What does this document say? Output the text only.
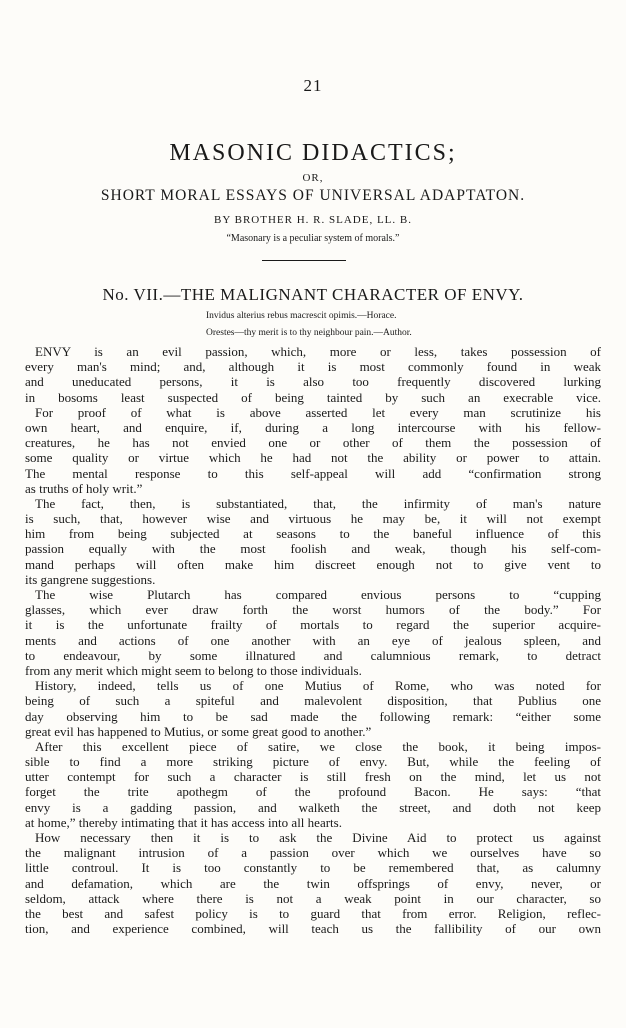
21
MASONIC DIDACTICS;
OR,
SHORT MORAL ESSAYS OF UNIVERSAL ADAPTATON.
BY BROTHER H. R. SLADE, LL. B.
“Masonary is a peculiar system of morals.”
No. VII.—THE MALIGNANT CHARACTER OF ENVY.
Invidus alterius rebus macrescit opimis.—Horace.
Orestes—thy merit is to thy neighbour pain.—Author.
ENVY is an evil passion, which, more or less, takes possession of
every man's mind; and, although it is most commonly found in weak
and uneducated persons, it is also too frequently discovered lurking
in bosoms least suspected of being tainted by such an execrable vice.
For proof of what is above asserted let every man scrutinize his
own heart, and enquire, if, during a long intercourse with his fellow-
creatures, he has not envied one or other of them the possession of
some quality or virtue which he had not the ability or power to attain.
The mental response to this self-appeal will add “confirmation strong
as truths of holy writ.”
The fact, then, is substantiated, that, the infirmity of man's nature
is such, that, however wise and virtuous he may be, it will not exempt
him from being subjected at seasons to the baneful influence of this
passion equally with the most foolish and weak, though his self-com-
mand perhaps will often make him discreet enough not to give vent to
its gangrene suggestions.
The wise Plutarch has compared envious persons to “cupping
glasses, which ever draw forth the worst humors of the body.” For
it is the unfortunate frailty of mortals to regard the superior acquire-
ments and actions of one another with an eye of jealous spleen, and
to endeavour, by some illnatured and calumnious remark, to detract
from any merit which might seem to belong to those individuals.
History, indeed, tells us of one Mutius of Rome, who was noted for
being of such a spiteful and malevolent disposition, that Publius one
day observing him to be sad made the following remark: “either some
great evil has happened to Mutius, or some great good to another.”
After this excellent piece of satire, we close the book, it being impos-
sible to find a more striking picture of envy. But, while the feeling of
utter contempt for such a character is still fresh on the mind, let us not
forget the trite apothegm of the profound Bacon. He says: “that
envy is a gadding passion, and walketh the street, and doth not keep
at home,” thereby intimating that it has access into all hearts.
How necessary then it is to ask the Divine Aid to protect us against
the malignant intrusion of a passion over which we ourselves have so
little controul. It is too constantly to be remembered that, as calumny
and defamation, which are the twin offsprings of envy, never, or
seldom, attack where there is not a weak point in our character, so
the best and safest policy is to guard that from error. Religion, reflec-
tion, and experience combined, will teach us the fallibility of our own
